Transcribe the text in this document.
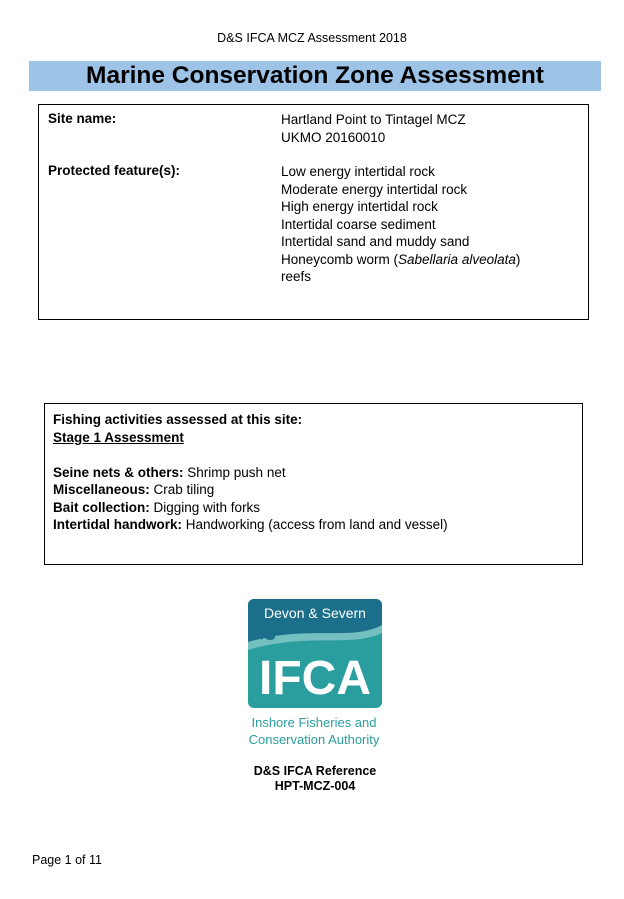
D&S IFCA MCZ Assessment 2018
Marine Conservation Zone Assessment
Site name:	Hartland Point to Tintagel MCZ
UKMO 20160010
Protected feature(s):	Low energy intertidal rock
Moderate energy intertidal rock
High energy intertidal rock
Intertidal coarse sediment
Intertidal sand and muddy sand
Honeycomb worm (Sabellaria alveolata)
reefs
Fishing activities assessed at this site:
Stage 1 Assessment
Seine nets & others: Shrimp push net
Miscellaneous: Crab tiling
Bait collection: Digging with forks
Intertidal handwork: Handworking (access from land and vessel)
Devon & Severn
IFCA
Inshore Fisheries and
Conservation Authority
D&S IFCA Reference
HPT-MCZ-004
Page 1 of 11
